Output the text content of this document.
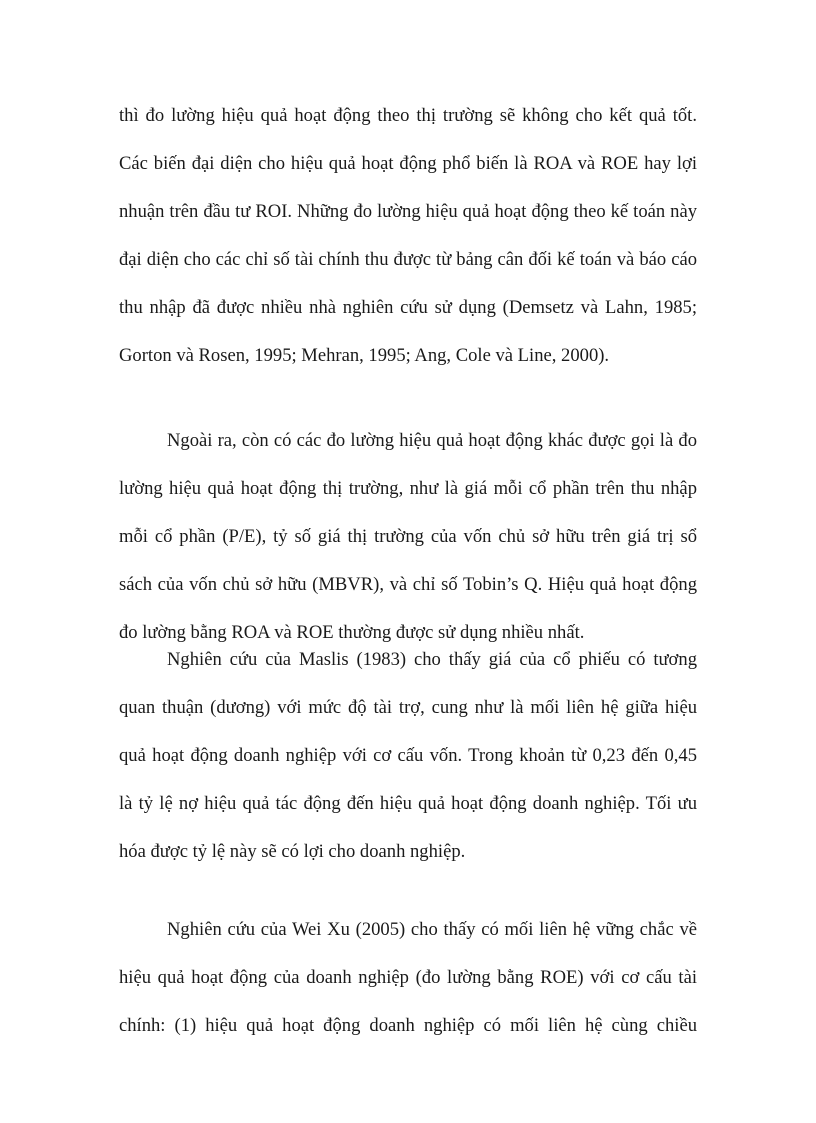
thì đo lường hiệu quả hoạt động theo thị trường sẽ không cho kết quả tốt.
Các biến đại diện cho hiệu quả hoạt động phổ biến là ROA và ROE hay lợi
nhuận trên đầu tư ROI. Những đo lường hiệu quả hoạt động theo kế toán này
đại diện cho các chỉ số tài chính thu được từ bảng cân đối kế toán và báo cáo
thu nhập đã được nhiều nhà nghiên cứu sử dụng (Demsetz và Lahn, 1985;
Gorton và Rosen, 1995; Mehran, 1995; Ang, Cole và Line, 2000).
Ngoài ra, còn có các đo lường hiệu quả hoạt động khác được gọi là đo
lường hiệu quả hoạt động thị trường, như là giá mỗi cổ phần trên thu nhập
mỗi cổ phần (P/E), tỷ số giá thị trường của vốn chủ sở hữu trên giá trị sổ
sách của vốn chủ sở hữu (MBVR), và chỉ số Tobin’s Q. Hiệu quả hoạt động
đo lường bằng ROA và ROE thường được sử dụng nhiều nhất.
Nghiên cứu của Maslis (1983) cho thấy giá của cổ phiếu có tương
quan thuận (dương) với mức độ tài trợ, cung như là mối liên hệ giữa hiệu
quả hoạt động doanh nghiệp với cơ cấu vốn. Trong khoản từ 0,23 đến 0,45
là tỷ lệ nợ hiệu quả tác động đến hiệu quả hoạt động doanh nghiệp. Tối ưu
hóa được tỷ lệ này sẽ có lợi cho doanh nghiệp.
Nghiên cứu của Wei Xu (2005) cho thấy có mối liên hệ vững chắc về
hiệu quả hoạt động của doanh nghiệp (đo lường bằng ROE) với cơ cấu tài
chính: (1) hiệu quả hoạt động doanh nghiệp có mối liên hệ cùng chiều
